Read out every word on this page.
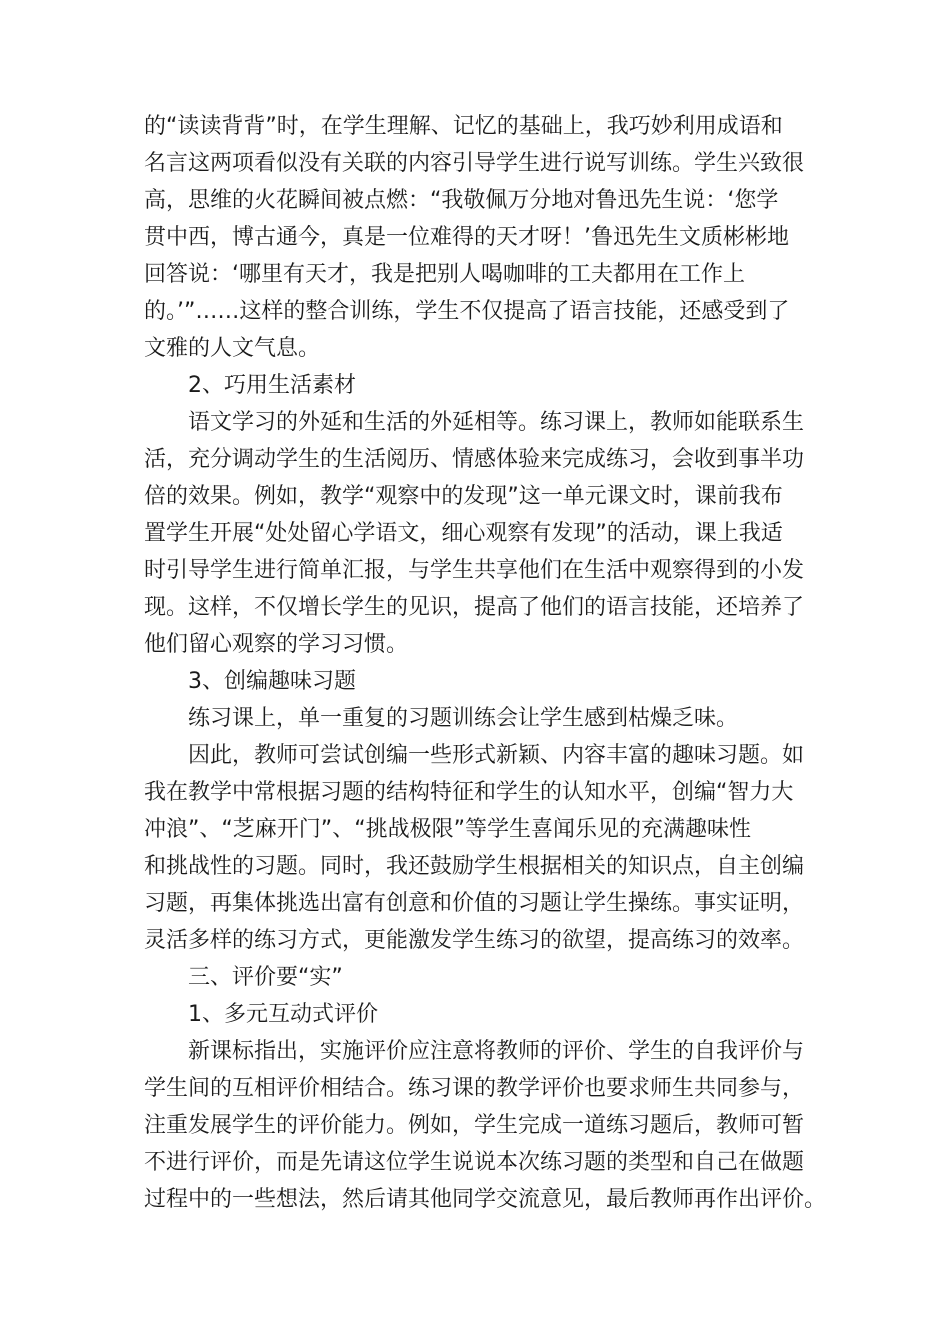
的“读读背背”时，在学生理解、记忆的基础上，我巧妙利用成语和
名言这两项看似没有关联的内容引导学生进行说写训练。学生兴致很
高，思维的火花瞬间被点燃：“我敬佩万分地对鲁迅先生说：‘您学
贯中西，博古通今，真是一位难得的天才呀！’鲁迅先生文质彬彬地
回答说：‘哪里有天才，我是把别人喝咖啡的工夫都用在工作上
的。’”……这样的整合训练，学生不仅提高了语言技能，还感受到了
文雅的人文气息。
2、巧用生活素材
语文学习的外延和生活的外延相等。练习课上，教师如能联系生
活，充分调动学生的生活阅历、情感体验来完成练习，会收到事半功
倍的效果。例如，教学“观察中的发现”这一单元课文时，课前我布
置学生开展“处处留心学语文，细心观察有发现”的活动，课上我适
时引导学生进行简单汇报，与学生共享他们在生活中观察得到的小发
现。这样，不仅增长学生的见识，提高了他们的语言技能，还培养了
他们留心观察的学习习惯。
3、创编趣味习题
练习课上，单一重复的习题训练会让学生感到枯燥乏味。
因此，教师可尝试创编一些形式新颖、内容丰富的趣味习题。如
我在教学中常根据习题的结构特征和学生的认知水平，创编“智力大
冲浪”、“芝麻开门”、“挑战极限”等学生喜闻乐见的充满趣味性
和挑战性的习题。同时，我还鼓励学生根据相关的知识点，自主创编
习题，再集体挑选出富有创意和价值的习题让学生操练。事实证明，
灵活多样的练习方式，更能激发学生练习的欲望，提高练习的效率。
三、评价要“实”
1、多元互动式评价
新课标指出，实施评价应注意将教师的评价、学生的自我评价与
学生间的互相评价相结合。练习课的教学评价也要求师生共同参与，
注重发展学生的评价能力。例如，学生完成一道练习题后，教师可暂
不进行评价，而是先请这位学生说说本次练习题的类型和自己在做题
过程中的一些想法，然后请其他同学交流意见，最后教师再作出评价。
